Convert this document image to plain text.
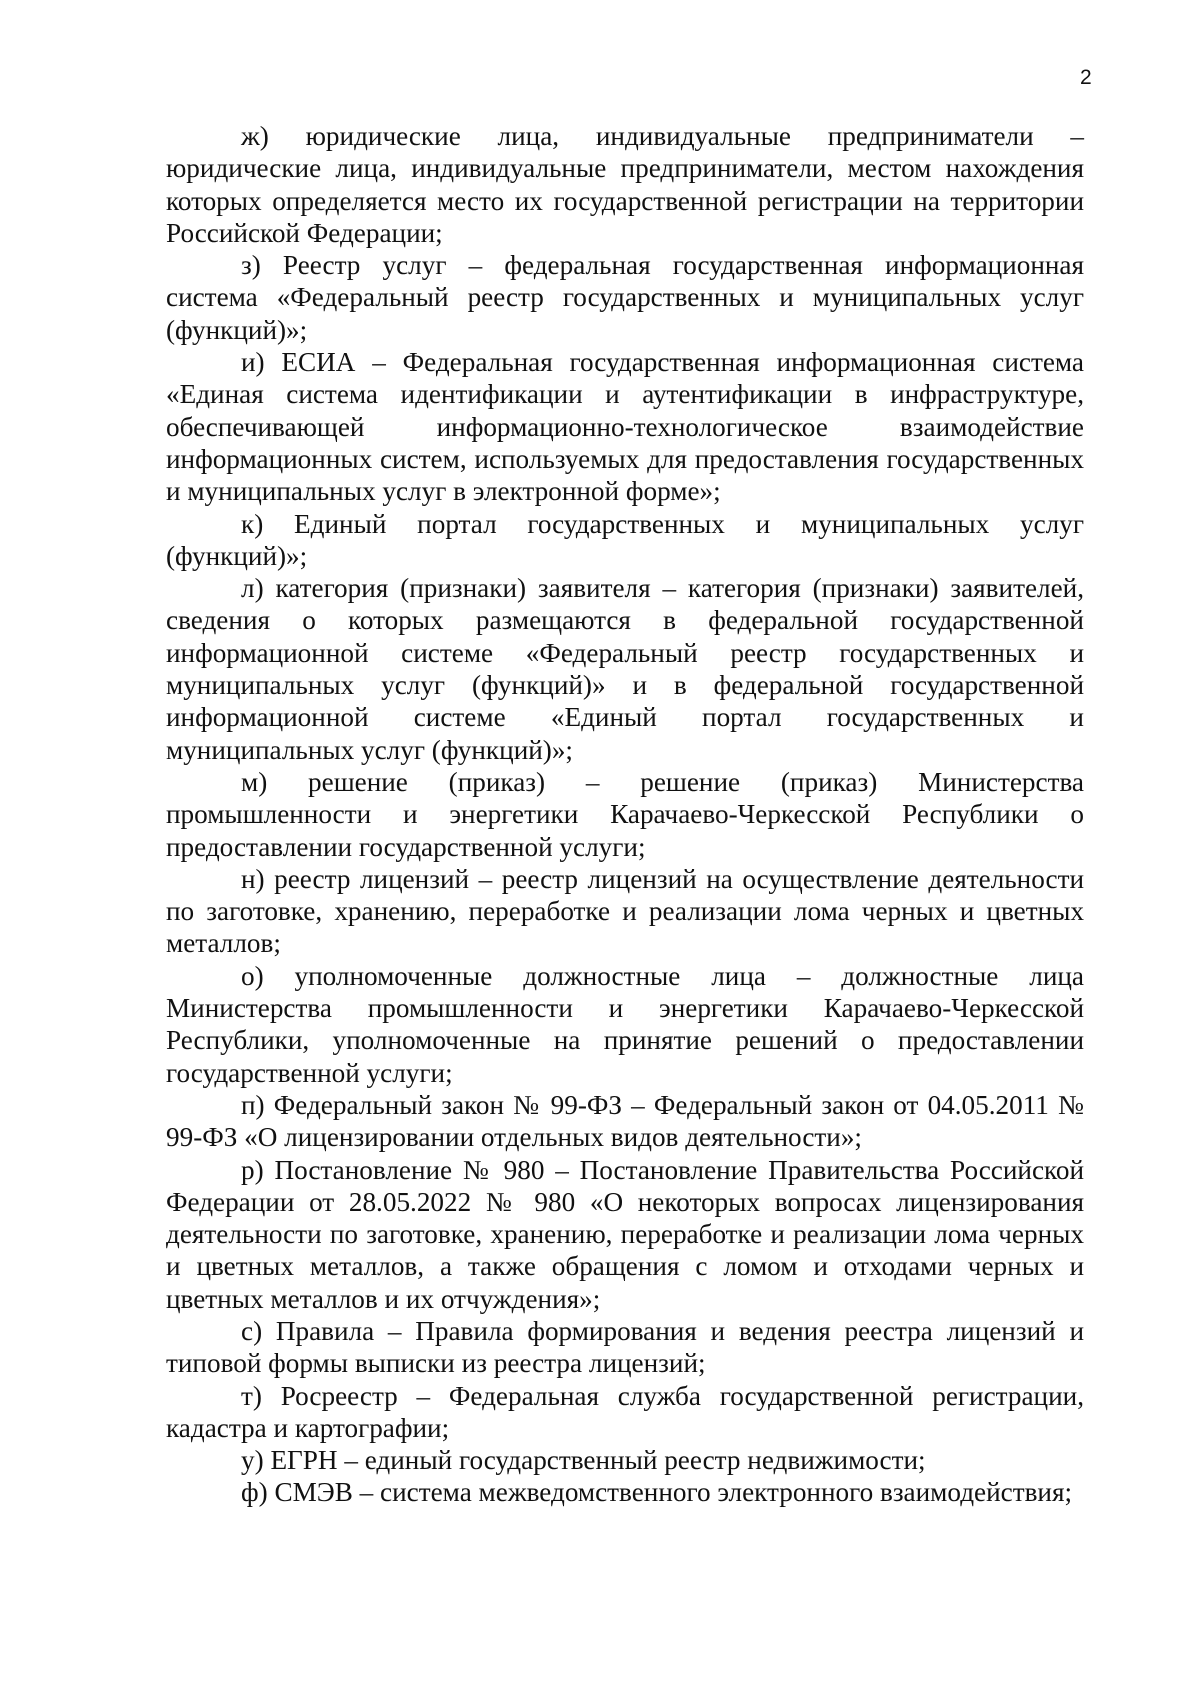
2

ж) юридические лица, индивидуальные предприниматели – юридические лица, индивидуальные предприниматели, местом нахождения которых определяется место их государственной регистрации на территории Российской Федерации;

з) Реестр услуг – федеральная государственная информационная система «Федеральный реестр государственных и муниципальных услуг (функций)»;

и) ЕСИА – Федеральная государственная информационная система «Единая система идентификации и аутентификации в инфраструктуре, обеспечивающей информационно-технологическое взаимодействие информационных систем, используемых для предоставления государственных и муниципальных услуг в электронной форме»;

к) Единый портал государственных и муниципальных услуг (функций)»;

л) категория (признаки) заявителя – категория (признаки) заявителей, сведения о которых размещаются в федеральной государственной информационной системе «Федеральный реестр государственных и муниципальных услуг (функций)» и в федеральной государственной информационной системе «Единый портал государственных и муниципальных услуг (функций)»;

м) решение (приказ) – решение (приказ) Министерства промышленности и энергетики Карачаево-Черкесской Республики о предоставлении государственной услуги;

н) реестр лицензий – реестр лицензий на осуществление деятельности по заготовке, хранению, переработке и реализации лома черных и цветных металлов;

о) уполномоченные должностные лица – должностные лица Министерства промышленности и энергетики Карачаево-Черкесской Республики, уполномоченные на принятие решений о предоставлении государственной услуги;

п) Федеральный закон № 99-ФЗ – Федеральный закон от 04.05.2011 № 99-ФЗ «О лицензировании отдельных видов деятельности»;

р) Постановление № 980 – Постановление Правительства Российской Федерации от 28.05.2022 № 980 «О некоторых вопросах лицензирования деятельности по заготовке, хранению, переработке и реализации лома черных и цветных металлов, а также обращения с ломом и отходами черных и цветных металлов и их отчуждения»;

с) Правила – Правила формирования и ведения реестра лицензий и типовой формы выписки из реестра лицензий;

т) Росреестр – Федеральная служба государственной регистрации, кадастра и картографии;

у) ЕГРН – единый государственный реестр недвижимости;

ф) СМЭВ – система межведомственного электронного взаимодействия;
